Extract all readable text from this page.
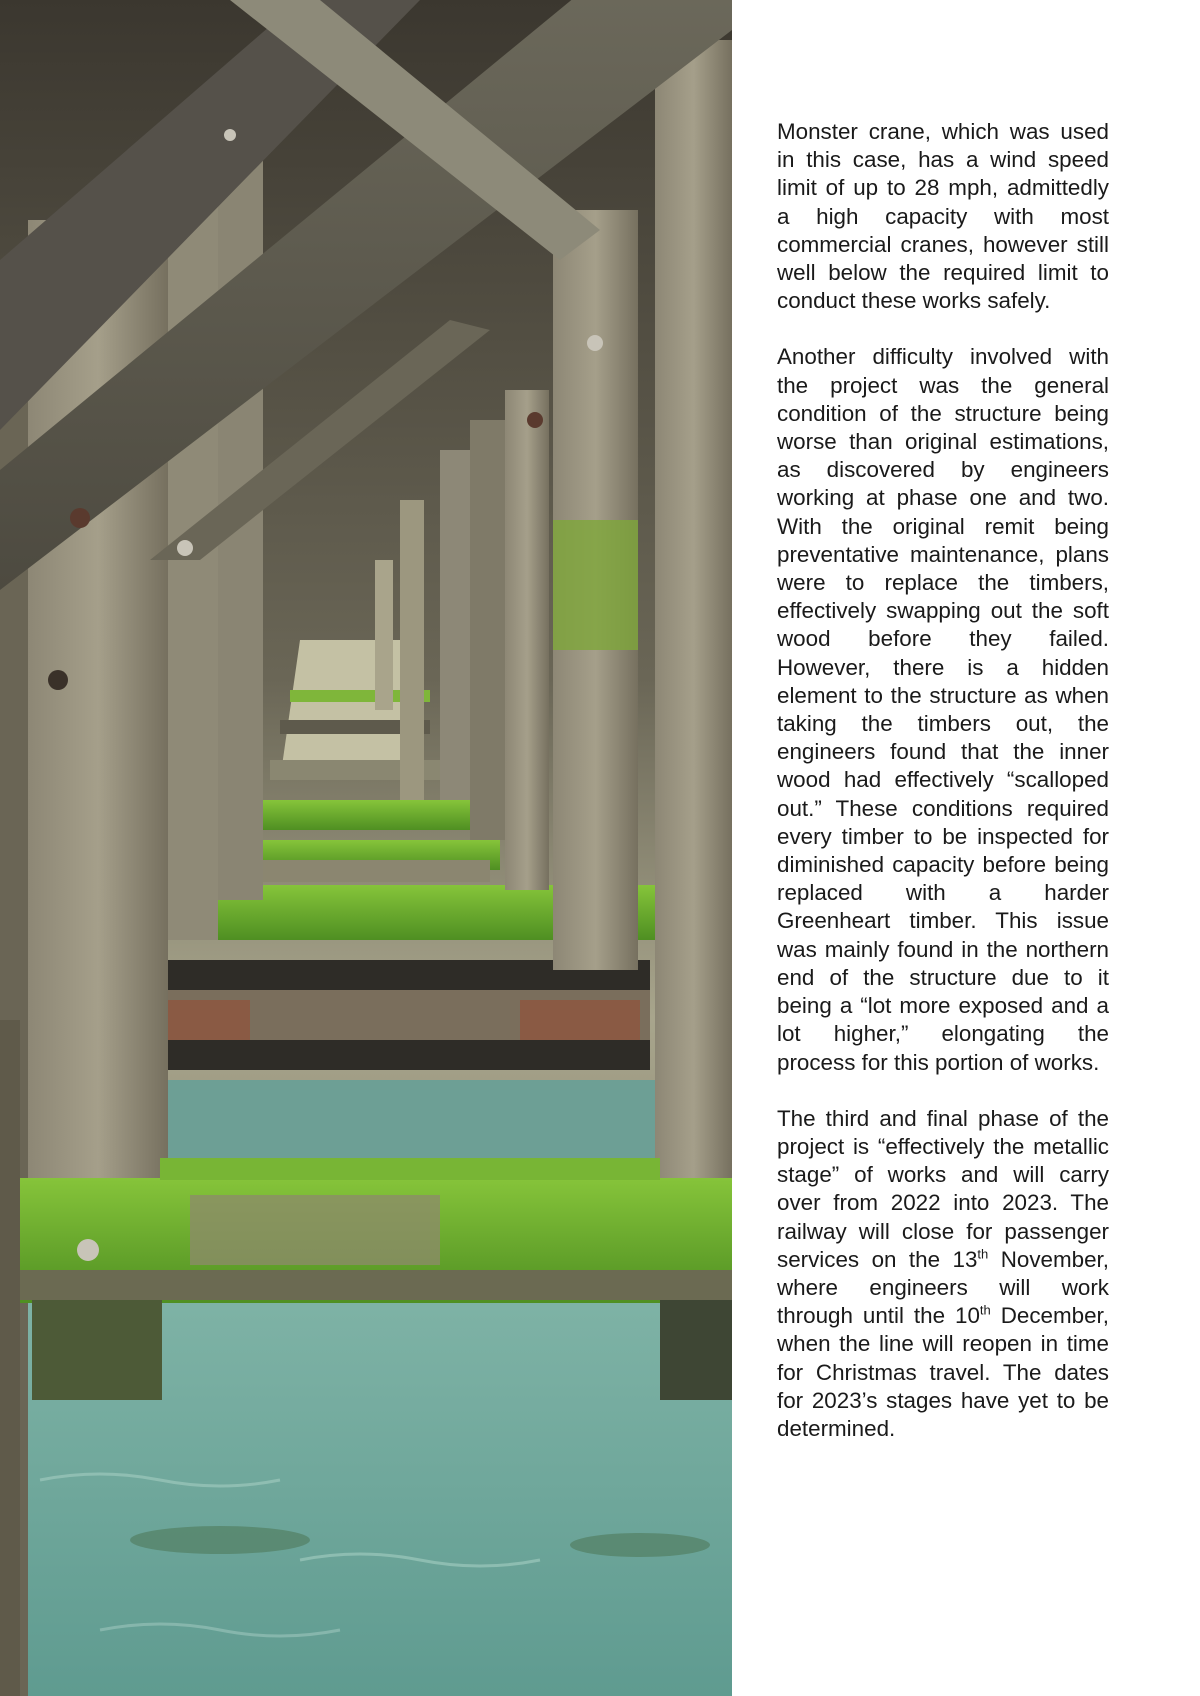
Monster crane, which was used in this case, has a wind speed limit of up to 28 mph, admittedly a high capacity with most commercial cranes, however still well below the required limit to conduct these works safely.

Another difficulty involved with the project was the general condition of the structure being worse than original estimations, as discovered by engineers working at phase one and two. With the original remit being preventative maintenance, plans were to replace the timbers, effectively swapping out the soft wood before they failed. However, there is a hidden element to the structure as when taking the timbers out, the engineers found that the inner wood had effectively “scalloped out.” These conditions required every timber to be inspected for diminished capacity before being replaced with a harder Greenheart timber. This issue was mainly found in the northern end of the structure due to it being a “lot more exposed and a lot higher,” elongating the process for this portion of works.

The third and final phase of the project is “effectively the metallic stage” of works and will carry over from 2022 into 2023. The railway will close for passenger services on the 13th November, where engineers will work through until the 10th December, when the line will reopen in time for Christmas travel. The dates for 2023’s stages have yet to be determined.
